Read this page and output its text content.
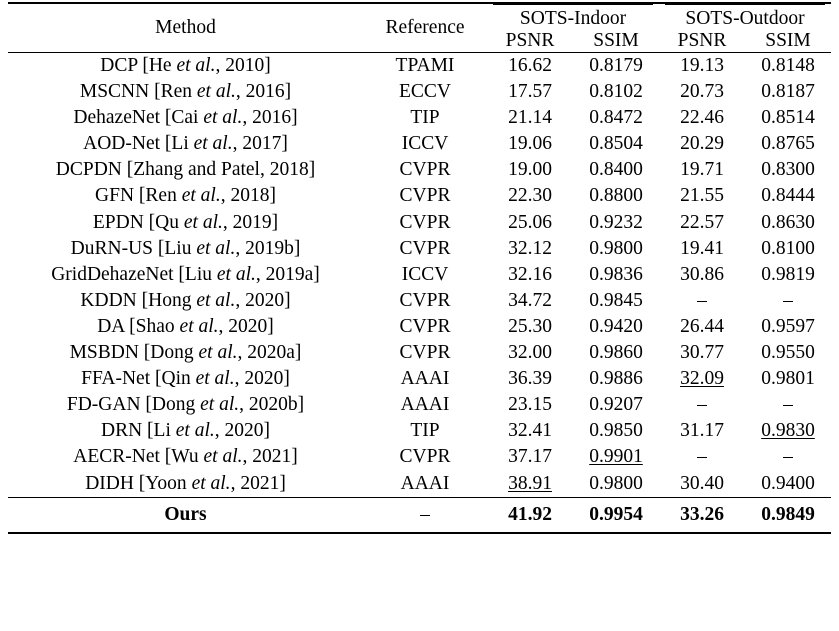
Method	Reference	SOTS-Indoor		SOTS-Outdoor	

		PSNR	SSIM	PSNR	SSIM

DCP [He et al., 2010]	TPAMI	16.62	0.8179	19.13	0.8148
MSCNN [Ren et al., 2016]	ECCV	17.57	0.8102	20.73	0.8187
DehazeNet [Cai et al., 2016]	TIP	21.14	0.8472	22.46	0.8514
AOD-Net [Li et al., 2017]	ICCV	19.06	0.8504	20.29	0.8765
DCPDN [Zhang and Patel, 2018]	CVPR	19.00	0.8400	19.71	0.8300
GFN [Ren et al., 2018]	CVPR	22.30	0.8800	21.55	0.8444
EPDN [Qu et al., 2019]	CVPR	25.06	0.9232	22.57	0.8630
DuRN-US [Liu et al., 2019b]	CVPR	32.12	0.9800	19.41	0.8100
GridDehazeNet [Liu et al., 2019a]	ICCV	32.16	0.9836	30.86	0.9819
KDDN [Hong et al., 2020]	CVPR	34.72	0.9845	–	–
DA [Shao et al., 2020]	CVPR	25.30	0.9420	26.44	0.9597
MSBDN [Dong et al., 2020a]	CVPR	32.00	0.9860	30.77	0.9550
FFA-Net [Qin et al., 2020]	AAAI	36.39	0.9886	32.09	0.9801
FD-GAN [Dong et al., 2020b]	AAAI	23.15	0.9207	–	–
DRN [Li et al., 2020]	TIP	32.41	0.9850	31.17	0.9830
AECR-Net [Wu et al., 2021]	CVPR	37.17	0.9901	–	–
DIDH [Yoon et al., 2021]	AAAI	38.91	0.9800	30.40	0.9400

Ours	–	41.92	0.9954	33.26	0.9849
